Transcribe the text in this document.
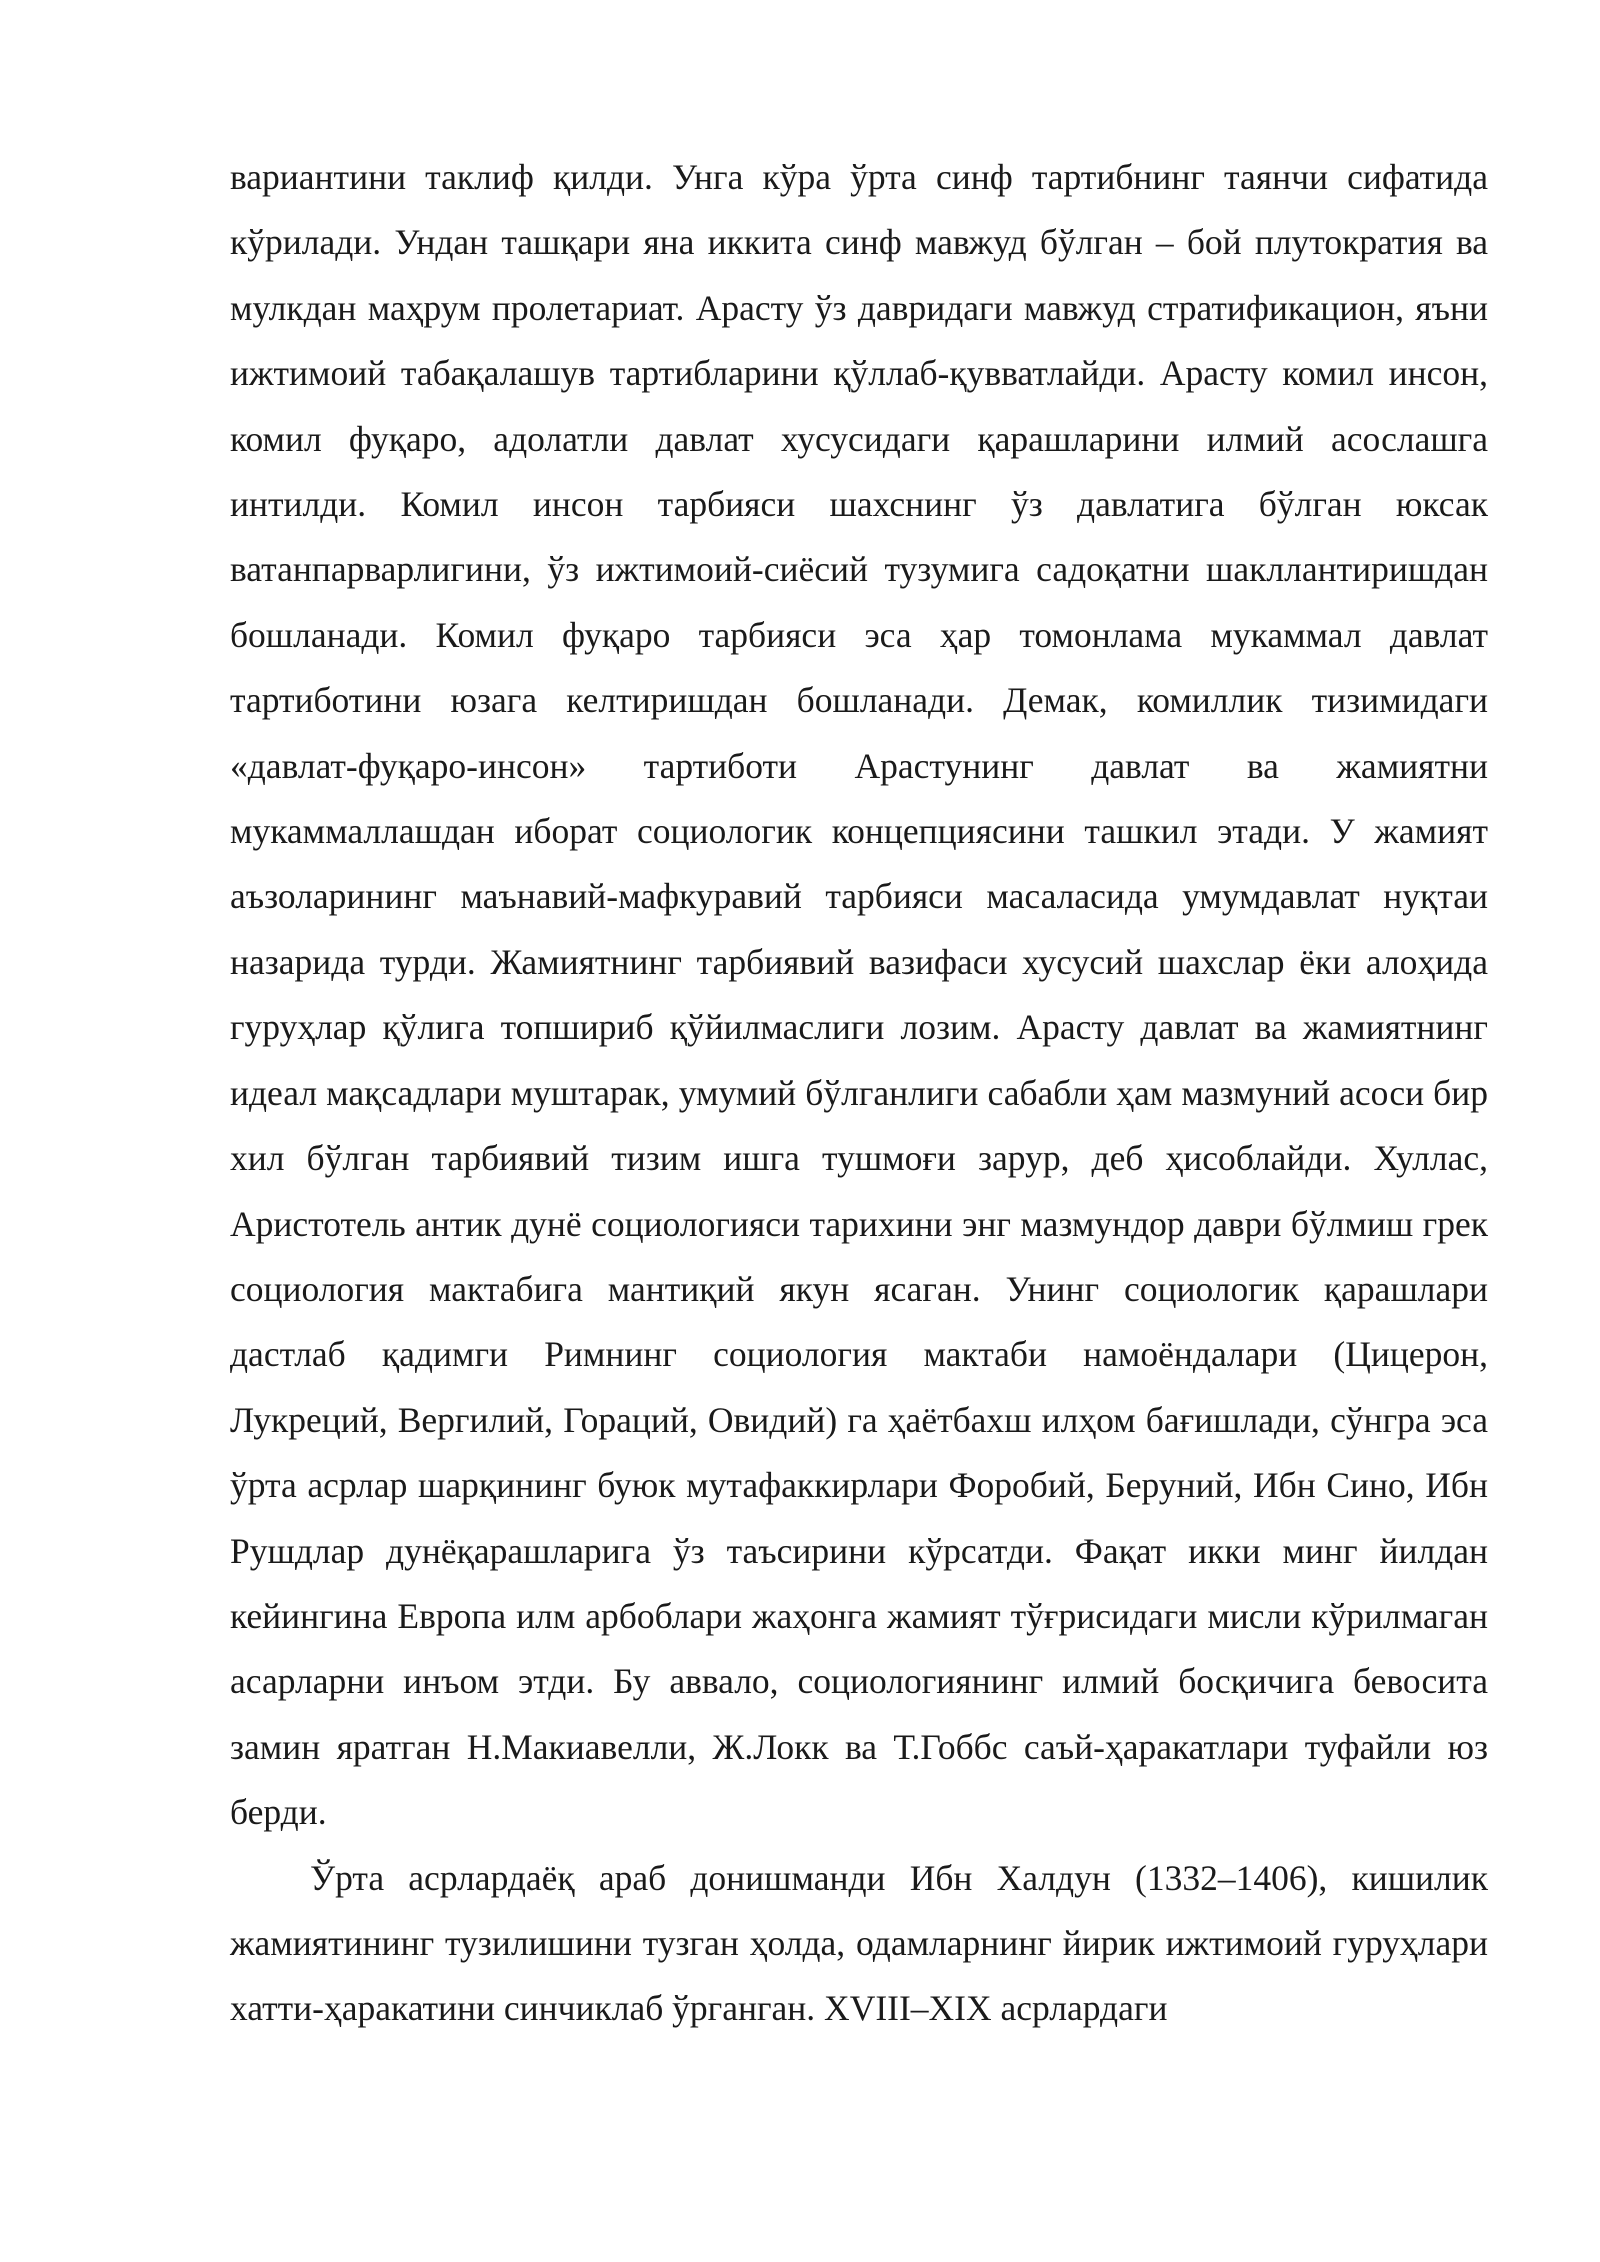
вариантини таклиф қилди. Унга кўра ўрта синф тартибнинг таянчи сифатида кўрилади. Ундан ташқари яна иккита синф мавжуд бўлган – бой плутократия ва мулкдан маҳрум пролетариат. Арасту ўз давридаги мавжуд стратификацион, яъни ижтимоий табақалашув тартибларини қўллаб-қувватлайди. Арасту комил инсон, комил фуқаро, адолатли давлат хусусидаги қарашларини илмий асослашга интилди. Комил инсон тарбияси шахснинг ўз давлатига бўлган юксак ватанпарварлигини, ўз ижтимоий-сиёсий тузумига садоқатни шакллантиришдан бошланади. Комил фуқаро тарбияси эса ҳар томонлама мукаммал давлат тартиботини юзага келтиришдан бошланади. Демак, комиллик тизимидаги «давлат-фуқаро-инсон» тартиботи Арастунинг давлат ва жамиятни мукаммаллашдан иборат социологик концепциясини ташкил этади. У жамият аъзоларининг маънавий-мафкуравий тарбияси масаласида умумдавлат нуқтаи назарида турди. Жамиятнинг тарбиявий вазифаси хусусий шахслар ёки алоҳида гуруҳлар қўлига топшириб қўйилмаслиги лозим. Арасту давлат ва жамиятнинг идеал мақсадлари муштарак, умумий бўлганлиги сабабли ҳам мазмуний асоси бир хил бўлган тарбиявий тизим ишга тушмоғи зарур, деб ҳисоблайди. Хуллас, Аристотель антик дунё социологияси тарихини энг мазмундор даври бўлмиш грек социология мактабига мантиқий якун ясаган. Унинг социологик қарашлари дастлаб қадимги Римнинг социология мактаби намоёндалари (Цицерон, Лукреций, Вергилий, Гораций, Овидий) га ҳаётбахш илҳом бағишлади, сўнгра эса ўрта асрлар шарқининг буюк мутафаккирлари Форобий, Беруний, Ибн Сино, Ибн Рушдлар дунёқарашларига ўз таъсирини кўрсатди. Фақат икки минг йилдан кейингина Европа илм арбоблари жаҳонга жамият тўғрисидаги мисли кўрилмаган асарларни инъом этди. Бу аввало, социологиянинг илмий босқичига бевосита замин яратган Н.Макиавелли, Ж.Локк ва Т.Гоббс саъй-ҳаракатлари туфайли юз берди.

Ўрта асрлардаёқ араб донишманди Ибн Халдун (1332–1406), кишилик жамиятининг тузилишини тузган ҳолда, одамларнинг йирик ижтимоий гуруҳлари хатти-ҳаракатини синчиклаб ўрганган. XVIII–XIX асрлардаги
